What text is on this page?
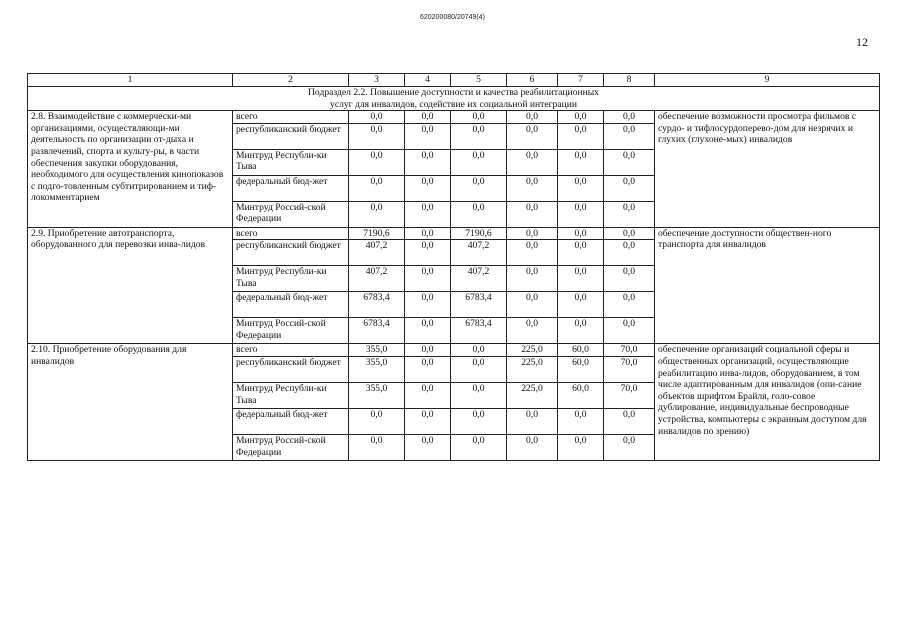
620200080/20749(4)
12
1	2	3	4	5	6	7	8	9

Подраздел 2.2. Повышение доступности и качества реабилитационных
услуг для инвалидов, содействие их социальной интеграции								

2.8. Взаимодействие с коммерчески-ми организациями, осуществляющи-ми деятельность по организации от-дыха и развлечений, спорта и культу-ры, в части обеспечения закупки оборудования, необходимого для осуществления кинопоказов с подго-товленным субтитрированием и тиф-локомментарием	всего	0,0	0,0	0,0	0,0	0,0	0,0	обеспечение возможности просмотра фильмов с сурдо- и тифлосурдоперево-дом для незрячих и глухих (глухоне-мых) инвалидов
	республиканский бюджет	0,0	0,0	0,0	0,0	0,0	0,0	
	Минтруд Республи-ки Тыва	0,0	0,0	0,0	0,0	0,0	0,0	
	федеральный бюд-жет	0,0	0,0	0,0	0,0	0,0	0,0	
	Минтруд Россий-ской Федерации	0,0	0,0	0,0	0,0	0,0	0,0	
2.9. Приобретение автотранспорта, оборудованного для перевозки инва-лидов	всего	7190,6	0,0	7190,6	0,0	0,0	0,0	обеспечение доступности обществен-ного транспорта для инвалидов
	республиканский бюджет	407,2	0,0	407,2	0,0	0,0	0,0	
	Минтруд Республи-ки Тыва	407,2	0,0	407,2	0,0	0,0	0,0	
	федеральный бюд-жет	6783,4	0,0	6783,4	0,0	0,0	0,0	
	Минтруд Россий-ской Федерации	6783,4	0,0	6783,4	0,0	0,0	0,0	
2.10. Приобретение оборудования для инвалидов	всего	355,0	0,0	0,0	225,0	60,0	70,0	обеспечение организаций социальной сферы и общественных организаций, осуществляющие реабилитацию инва-лидов, оборудованием, в том числе адаптированным для инвалидов (опи-сание объектов шрифтом Брайля, голо-совое дублирование, индивидуальные беспроводные устройства, компьютеры с экранным доступом для инвалидов по зрению)
	республиканский бюджет	355,0	0,0	0,0	225,0	60,0	70,0	
	Минтруд Республи-ки Тыва	355,0	0,0	0,0	225,0	60,0	70,0	
	федеральный бюд-жет	0,0	0,0	0,0	0,0	0,0	0,0	
	Минтруд Россий-ской Федерации	0,0	0,0	0,0	0,0	0,0	0,0	
